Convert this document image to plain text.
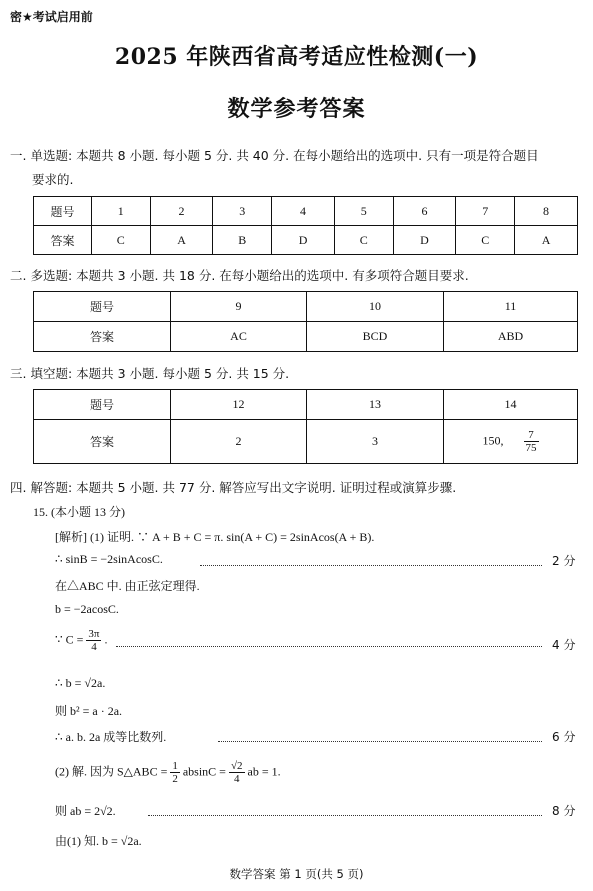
密★考试启用前
2025 年陕西省高考适应性检测(一)
数学参考答案
一. 单选题: 本题共 8 小题. 每小题 5 分. 共 40 分. 在每小题给出的选项中. 只有一项是符合题目
要求的.
题号	1	2	3	4	5	6	7	8
答案	C	A	B	D	C	D	C	A
二. 多选题: 本题共 3 小题. 共 18 分. 在每小题给出的选项中. 有多项符合题目要求.
题号	9	10	11
答案	AC	BCD	ABD
三. 填空题: 本题共 3 小题. 每小题 5 分. 共 15 分.
题号	12	13	14
答案	2	3	150, $\frac{7}{75}$
四. 解答题: 本题共 5 小题. 共 77 分. 解答应写出文字说明. 证明过程或演算步骤.
15. (本小题 13 分)
[解析] (1) 证明. ∵ A + B + C = π. sin(A + C) = 2sinAcos(A + B).
∴ sinB = −2sinAcosC.	2 分
在△ABC 中. 由正弦定理得.
b = −2acosC.
∵ $C = \frac{3\pi}{4}$ .	4 分
∴ b = √2a.
则 b² = a · 2a.
∴ a. b. 2a 成等比数列.	6 分
(2) 解. 因为 S△ABC = $\frac{1}{2}$ $absinC = \frac{√2}{4}$ ab = 1.
则 ab = 2√2.	8 分
由(1) 知. b = √2a.
数学答案 第 1 页(共 5 页)
